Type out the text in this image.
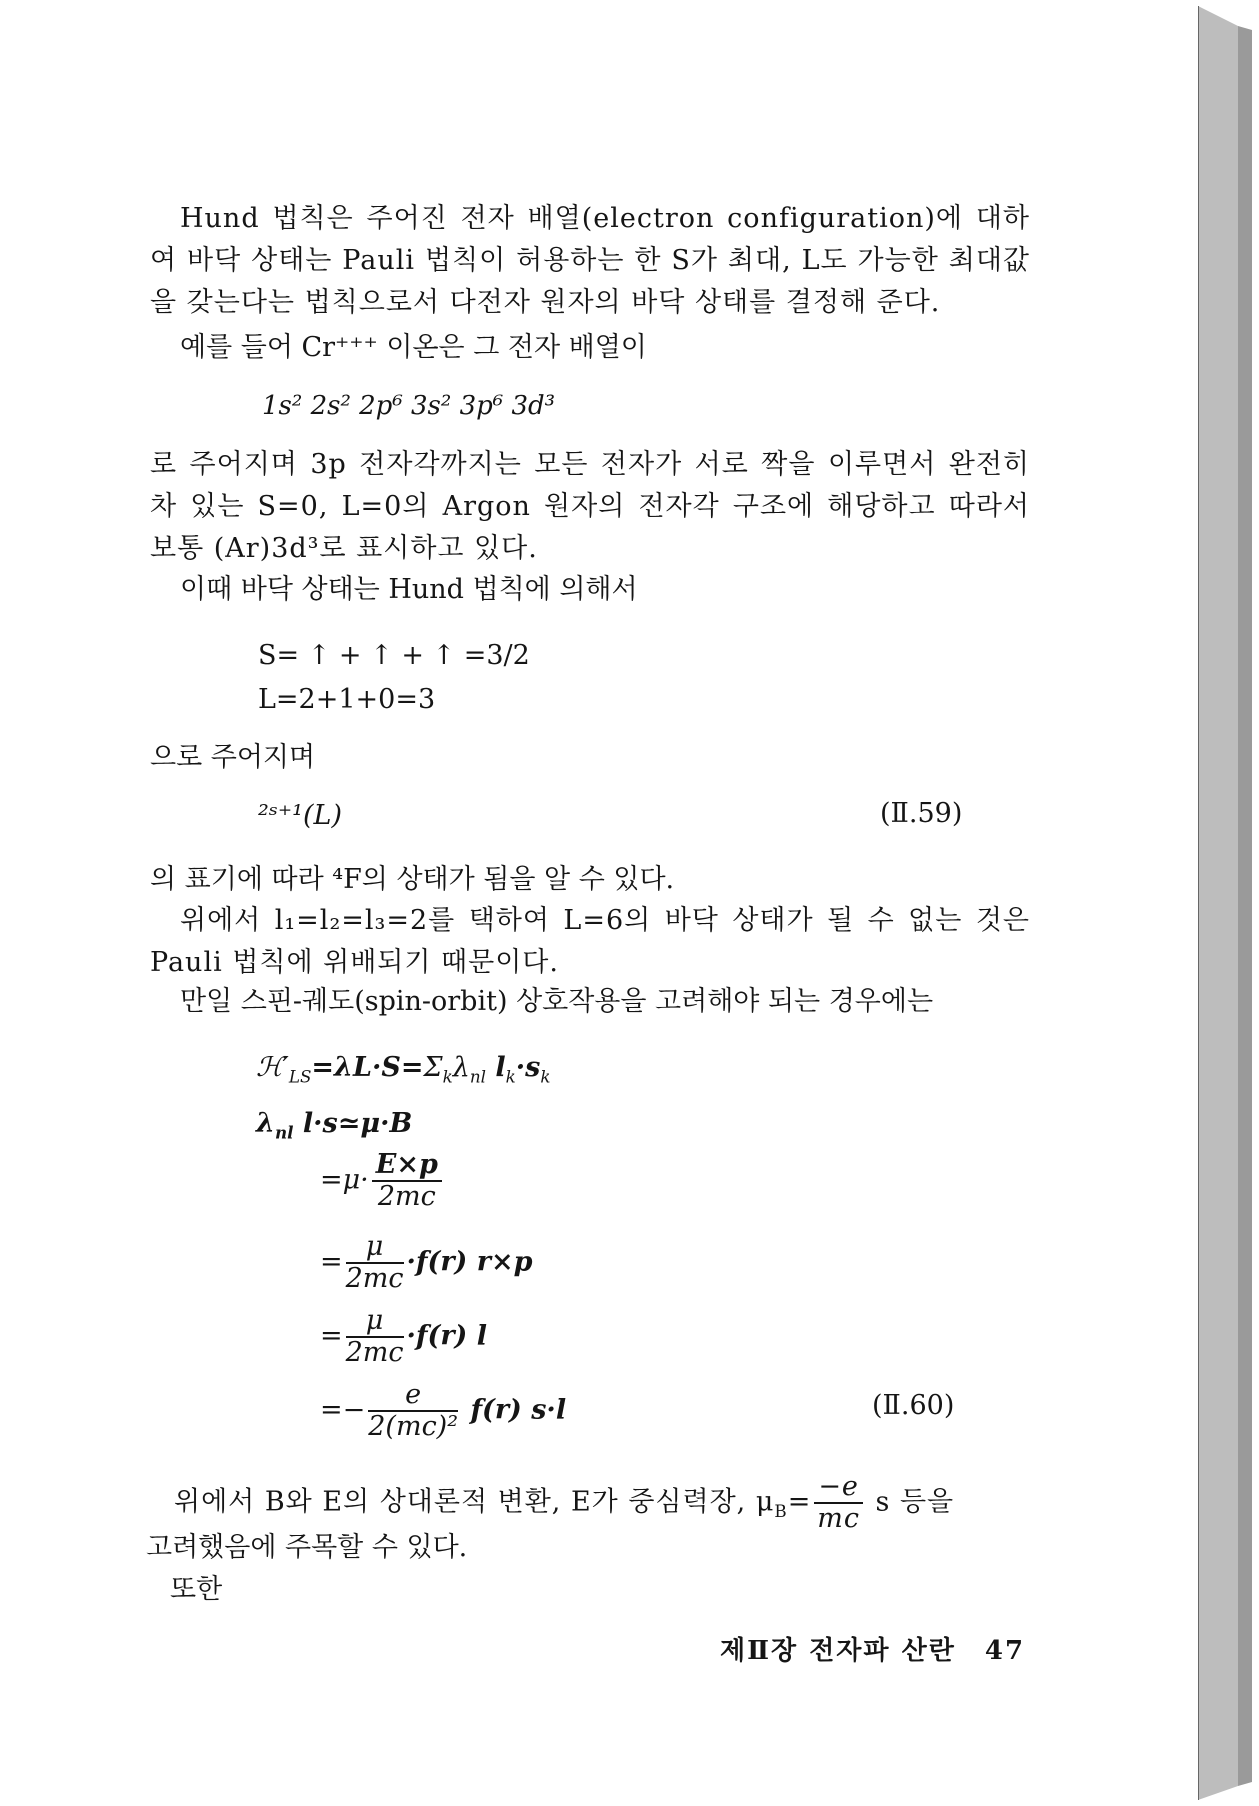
Hund 법칙은 주어진 전자 배열(electron configuration)에 대하여 바닥 상태는 Pauli 법칙이 허용하는 한 S가 최대, L도 가능한 최대값을 갖는다는 법칙으로서 다전자 원자의 바닥 상태를 결정해 준다.
예를 들어 Cr⁺⁺⁺ 이온은 그 전자 배열이
1s² 2s² 2p⁶ 3s² 3p⁶ 3d³
로 주어지며 3p 전자각까지는 모든 전자가 서로 짝을 이루면서 완전히 차 있는 S=0, L=0의 Argon 원자의 전자각 구조에 해당하고 따라서 보통 (Ar)3d³로 표시하고 있다.
이때 바닥 상태는 Hund 법칙에 의해서
S= ↑ + ↑ + ↑ =3/2
L=2+1+0=3
으로 주어지며
²ˢ⁺¹(L)	(Ⅱ.59)
의 표기에 따라 ⁴F의 상태가 됨을 알 수 있다.
위에서 l₁=l₂=l₃=2를 택하여 L=6의 바닥 상태가 될 수 없는 것은 Pauli 법칙에 위배되기 때문이다.
만일 스핀-궤도(spin-orbit) 상호작용을 고려해야 되는 경우에는
$ℋ'_{LS}=\lambda L\cdot S=\Sigma_k\lambda_{nl}$ $l_k\cdot s_k$
$\lambda_{nl}$ l·s≃μ·B
$=\mu\cdot \frac{E\times p}{2mc}$
= $\frac{\mu}{2mc} \cdot f(r)$ r×p
= $\frac{\mu}{2mc} \cdot f(r)$ l
=− $\frac{e}{\text{2(mc)²}} f(r)$ s·l	(Ⅱ.60)
위에서 B와 E의 상대론적 변환, E가 중심력장, $\mu_B= \frac{-e}{mc}$ s 등을
고려했음에 주목할 수 있다.
또한
제Ⅱ장 전자파 산란 47
